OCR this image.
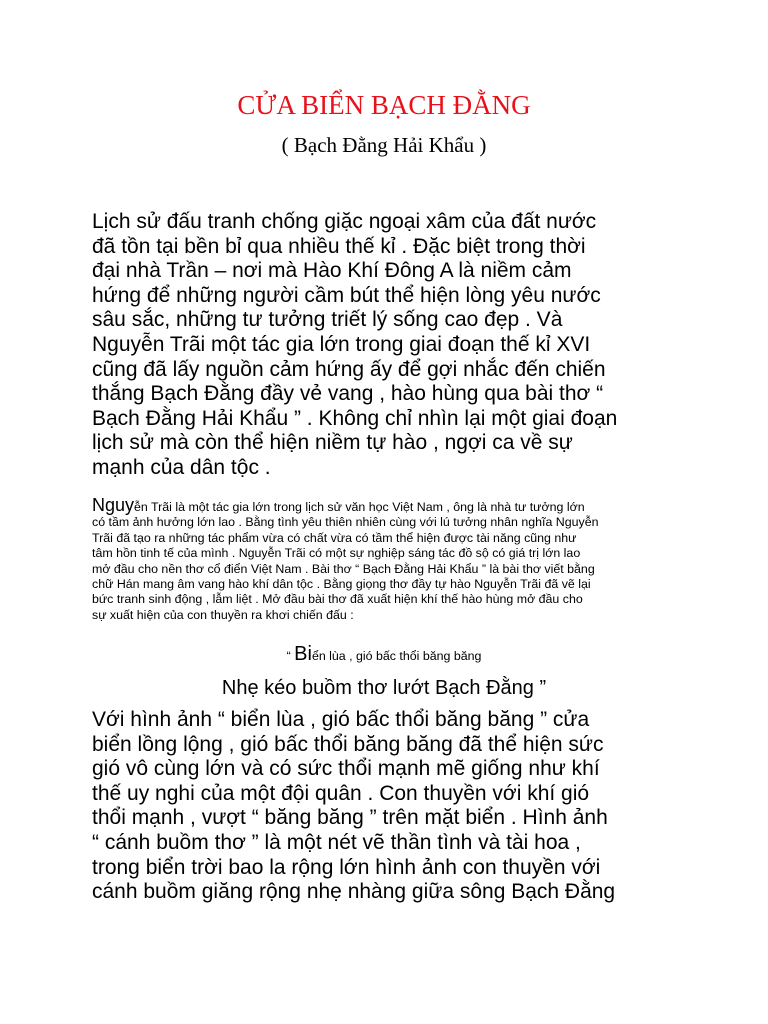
CỬA BIỂN BẠCH ĐẰNG

( Bạch Đằng Hải Khẩu )

Lịch sử đấu tranh chống giặc ngoại xâm của đất nước
đã tồn tại bền bỉ qua nhiều thế kỉ . Đặc biệt trong thời
đại nhà Trần – nơi mà Hào Khí Đông A là niềm cảm
hứng để những người cầm bút thể hiện lòng yêu nước
sâu sắc, những tư tưởng triết lý sống cao đẹp . Và
Nguyễn Trãi một tác gia lớn trong giai đoạn thế kỉ XVI
cũng đã lấy nguồn cảm hứng ấy để gợi nhắc đến chiến
thắng Bạch Đằng đầy vẻ vang , hào hùng qua bài thơ “
Bạch Đằng Hải Khẩu ” . Không chỉ nhìn lại một giai đoạn
lịch sử mà còn thể hiện niềm tự hào , ngợi ca về sự
mạnh của dân tộc .

Nguyễn Trãi là một tác gia lớn trong lịch sử văn học Việt Nam , ông là nhà tư tưởng lớn
có tầm ảnh hưởng lớn lao . Bằng tình yêu thiên nhiên cùng với lú tưởng nhân nghĩa Nguyễn
Trãi đã tạo ra những tác phẩm vừa có chất vừa có tầm thể hiện được tài năng cũng như
tâm hồn tinh tế của mình . Nguyễn Trãi có một sự nghiệp sáng tác đồ sộ có giá trị lớn lao
mở đầu cho nền thơ cổ điển Việt Nam . Bài thơ “ Bạch Đằng Hải Khẩu ” là bài thơ viết bằng
chữ Hán mang âm vang hào khí dân tộc . Bằng giọng thơ đầy tự hào Nguyễn Trãi đã vẽ lại
bức tranh sinh động , lẫm liệt . Mở đầu bài thơ đã xuất hiện khí thế hào hùng mở đầu cho
sự xuất hiện của con thuyền ra khơi chiến đấu :

“ Biển lùa , gió bấc thổi băng băng

Nhẹ kéo buồm thơ lướt Bạch Đằng ”

Với hình ảnh “ biển lùa , gió bấc thổi băng băng ” cửa
biển lồng lộng , gió bấc thổi băng băng đã thể hiện sức
gió vô cùng lớn và có sức thổi mạnh mẽ giống như khí
thế uy nghi của một đội quân . Con thuyền với khí gió
thổi mạnh , vượt “ băng băng ” trên mặt biển . Hình ảnh
“ cánh buồm thơ ” là một nét vẽ thần tình và tài hoa ,
trong biển trời bao la rộng lớn hình ảnh con thuyền với
cánh buồm giăng rộng nhẹ nhàng giữa sông Bạch Đằng
